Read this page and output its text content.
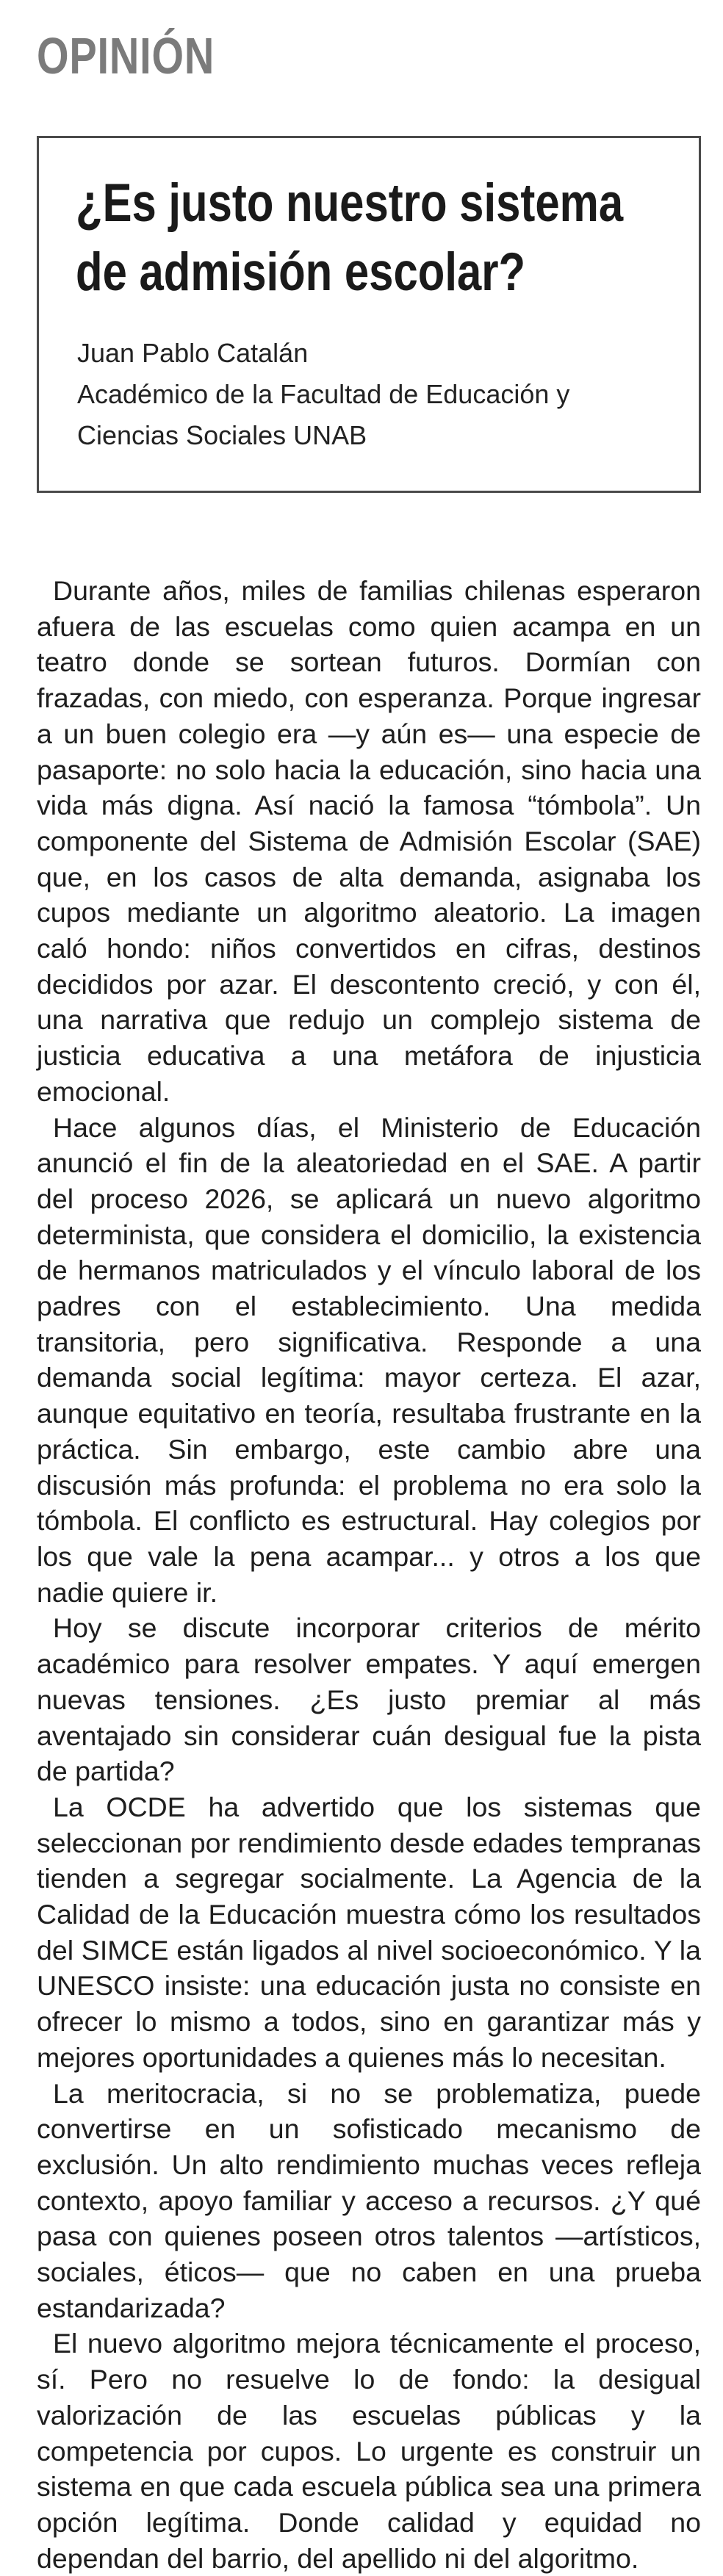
OPINIÓN
¿Es justo nuestro sistema de admisión escolar?
Juan Pablo Catalán
Académico de la Facultad de Educación y
Ciencias Sociales UNAB

Durante años, miles de familias chilenas esperaron afuera de las escuelas como quien acampa en un teatro donde se sortean futuros. Dormían con frazadas, con miedo, con esperanza. Porque ingresar a un buen colegio era —y aún es— una especie de pasaporte: no solo hacia la educación, sino hacia una vida más digna. Así nació la famosa “tómbola”. Un componente del Sistema de Admisión Escolar (SAE) que, en los casos de alta demanda, asignaba los cupos mediante un algoritmo aleatorio. La imagen caló hondo: niños convertidos en cifras, destinos decididos por azar. El descontento creció, y con él, una narrativa que redujo un complejo sistema de justicia educativa a una metáfora de injusticia emocional.

Hace algunos días, el Ministerio de Educación anunció el fin de la aleatoriedad en el SAE. A partir del proceso 2026, se aplicará un nuevo algoritmo determinista, que considera el domicilio, la existencia de hermanos matriculados y el vínculo laboral de los padres con el establecimiento. Una medida transitoria, pero significativa. Responde a una demanda social legítima: mayor certeza. El azar, aunque equitativo en teoría, resultaba frustrante en la práctica. Sin embargo, este cambio abre una discusión más profunda: el problema no era solo la tómbola. El conflicto es estructural. Hay colegios por los que vale la pena acampar... y otros a los que nadie quiere ir.

Hoy se discute incorporar criterios de mérito académico para resolver empates. Y aquí emergen nuevas tensiones. ¿Es justo premiar al más aventajado sin considerar cuán desigual fue la pista de partida?

La OCDE ha advertido que los sistemas que seleccionan por rendimiento desde edades tempranas tienden a segregar socialmente. La Agencia de la Calidad de la Educación muestra cómo los resultados del SIMCE están ligados al nivel socioeconómico. Y la UNESCO insiste: una educación justa no consiste en ofrecer lo mismo a todos, sino en garantizar más y mejores oportunidades a quienes más lo necesitan.

La meritocracia, si no se problematiza, puede convertirse en un sofisticado mecanismo de exclusión. Un alto rendimiento muchas veces refleja contexto, apoyo familiar y acceso a recursos. ¿Y qué pasa con quienes poseen otros talentos —artísticos, sociales, éticos— que no caben en una prueba estandarizada?

El nuevo algoritmo mejora técnicamente el proceso, sí. Pero no resuelve lo de fondo: la desigual valorización de las escuelas públicas y la competencia por cupos. Lo urgente es construir un sistema en que cada escuela pública sea una primera opción legítima. Donde calidad y equidad no dependan del barrio, del apellido ni del algoritmo.
